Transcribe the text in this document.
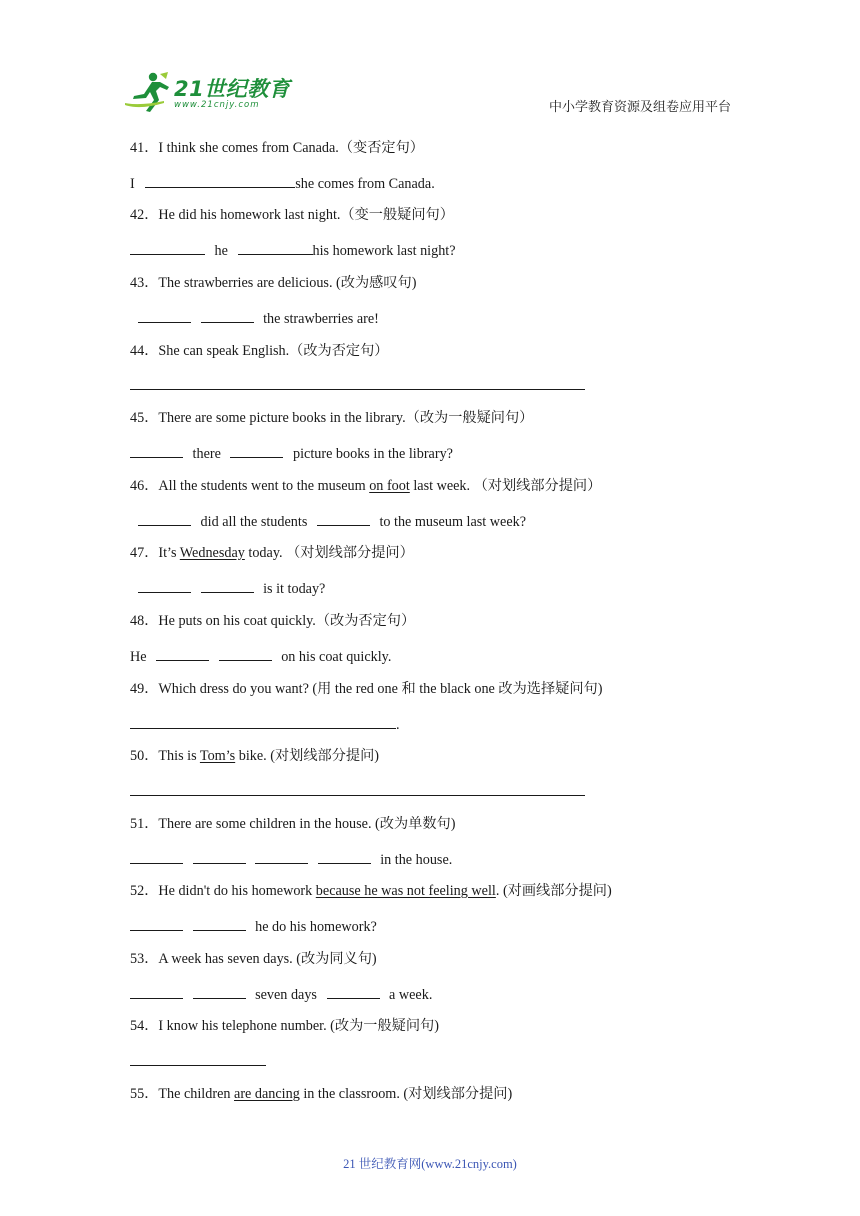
21世纪教育
www.21cnjy.com	中小学教育资源及组卷应用平台
41．I think she comes from Canada.（变否定句）
I	she comes from Canada.
42．He did his homework last night.（变一般疑问句）
he	his homework last night?
43．The strawberries are delicious. (改为感叹句)
the strawberries are!
44．She can speak English.（改为否定句）
45．There are some picture books in the library.（改为一般疑问句）
there	picture books in the library?
46．All the students went to the museum on foot last week. （对划线部分提问）
did all the students	to the museum last week?
47．It’s Wednesday today. （对划线部分提问）
is it today?
48．He puts on his coat quickly.（改为否定句）
He	on his coat quickly.
49．Which dress do you want? (用 the red one 和 the black one 改为选择疑问句)
.
50．This is Tom’s bike. (对划线部分提问)
51．There are some children in the house. (改为单数句)
in the house.
52．He didn't do his homework because he was not feeling well. (对画线部分提问)
he do his homework?
53．A week has seven days. (改为同义句)
seven days	a week.
54．I know his telephone number. (改为一般疑问句)
55．The children are dancing in the classroom. (对划线部分提问)
21 世纪教育网(www.21cnjy.com)
